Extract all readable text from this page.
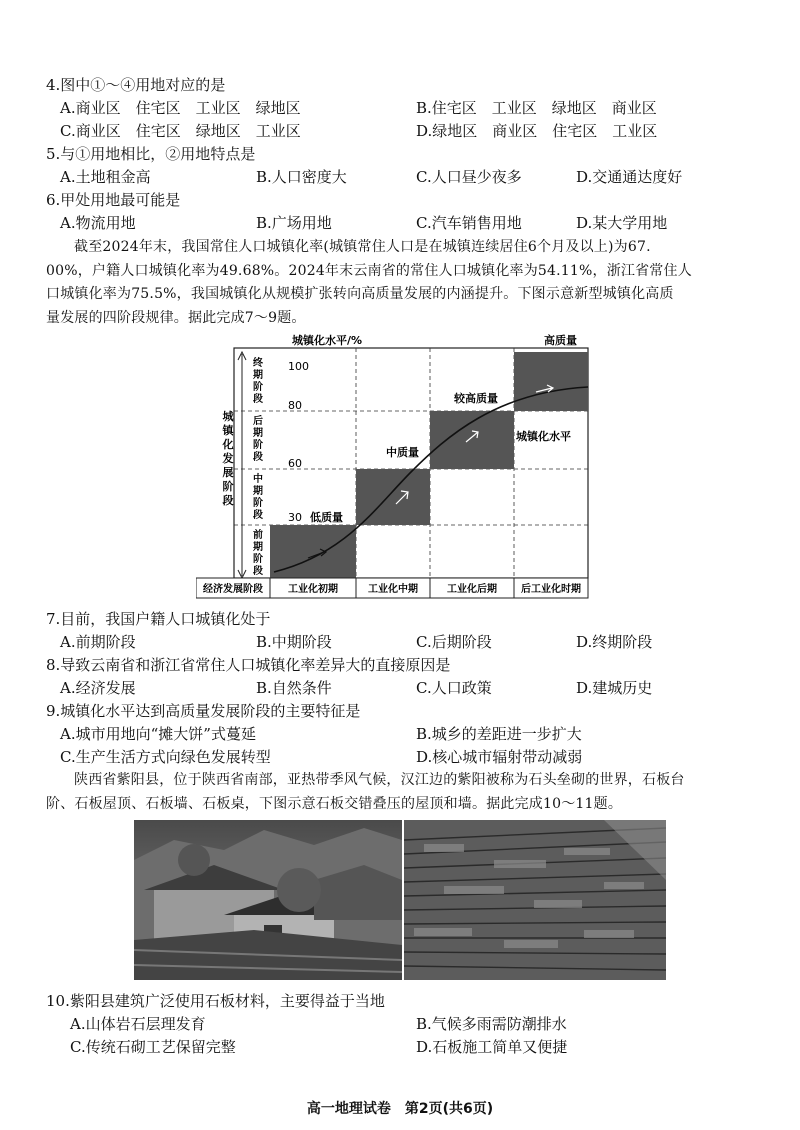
4.图中①～④用地对应的是
A.商业区　住宅区　工业区　绿地区	B.住宅区　工业区　绿地区　商业区
C.商业区　住宅区　绿地区　工业区	D.绿地区　商业区　住宅区　工业区
5.与①用地相比，②用地特点是
A.土地租金高	B.人口密度大	C.人口昼少夜多	D.交通通达度好
6.甲处用地最可能是
A.物流用地	B.广场用地	C.汽车销售用地	D.某大学用地
截至2024年末，我国常住人口城镇化率(城镇常住人口是在城镇连续居住6个月及以上)为67.
00%，户籍人口城镇化率为49.68%。2024年末云南省的常住人口城镇化率为54.11%，浙江省常住人
口城镇化率为75.5%，我国城镇化从规模扩张转向高质量发展的内涵提升。下图示意新型城镇化高质
量发展的四阶段规律。据此完成7～9题。
城镇化水平/%
100
80
60
30 低质量
中质量
较高质量
高质量
城镇化水平
城
镇
化
发
展
阶
段
终
期
阶
段
后
期
阶
段
中
期
阶
段
前
期
阶
段
经济发展阶段	工业化初期	工业化中期	工业化后期 后工业化时期
7.目前，我国户籍人口城镇化处于
A.前期阶段	B.中期阶段	C.后期阶段	D.终期阶段
8.导致云南省和浙江省常住人口城镇化率差异大的直接原因是
A.经济发展	B.自然条件	C.人口政策	D.建城历史
9.城镇化水平达到高质量发展阶段的主要特征是
A.城市用地向“摊大饼”式蔓延	B.城乡的差距进一步扩大
C.生产生活方式向绿色发展转型	D.核心城市辐射带动减弱
陕西省紫阳县，位于陕西省南部，亚热带季风气候，汉江边的紫阳被称为石头垒砌的世界，石板台
阶、石板屋顶、石板墙、石板桌，下图示意石板交错叠压的屋顶和墙。据此完成10～11题。
10.紫阳县建筑广泛使用石板材料，主要得益于当地
A.山体岩石层理发育	B.气候多雨需防潮排水
C.传统石砌工艺保留完整	D.石板施工简单又便捷
高一地理试卷　第2页(共6页)
